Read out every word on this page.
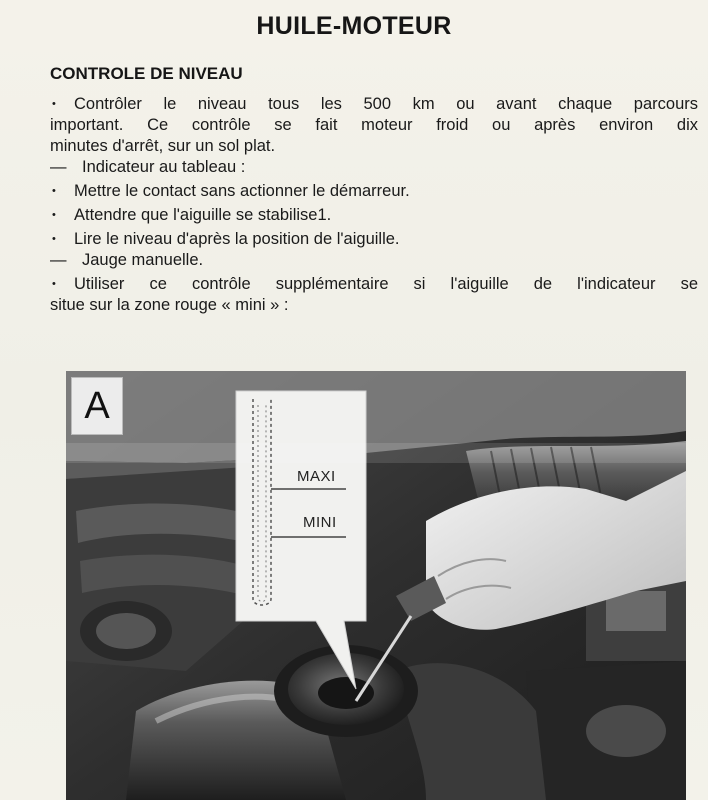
HUILE-MOTEUR
CONTROLE DE NIVEAU

• Contrôler le niveau tous les 500 km ou avant chaque parcours

important. Ce contrôle se fait moteur froid ou après environ dix

minutes d'arrêt, sur un sol plat.

— Indicateur au tableau :

• Mettre le contact sans actionner le démarreur.

• Attendre que l'aiguille se stabilise1.

• Lire le niveau d'après la position de l'aiguille.

— Jauge manuelle.

• Utiliser ce contrôle supplémentaire si l'aiguille de l'indicateur se

situe sur la zone rouge « mini » :

A
MAXI
MINI
